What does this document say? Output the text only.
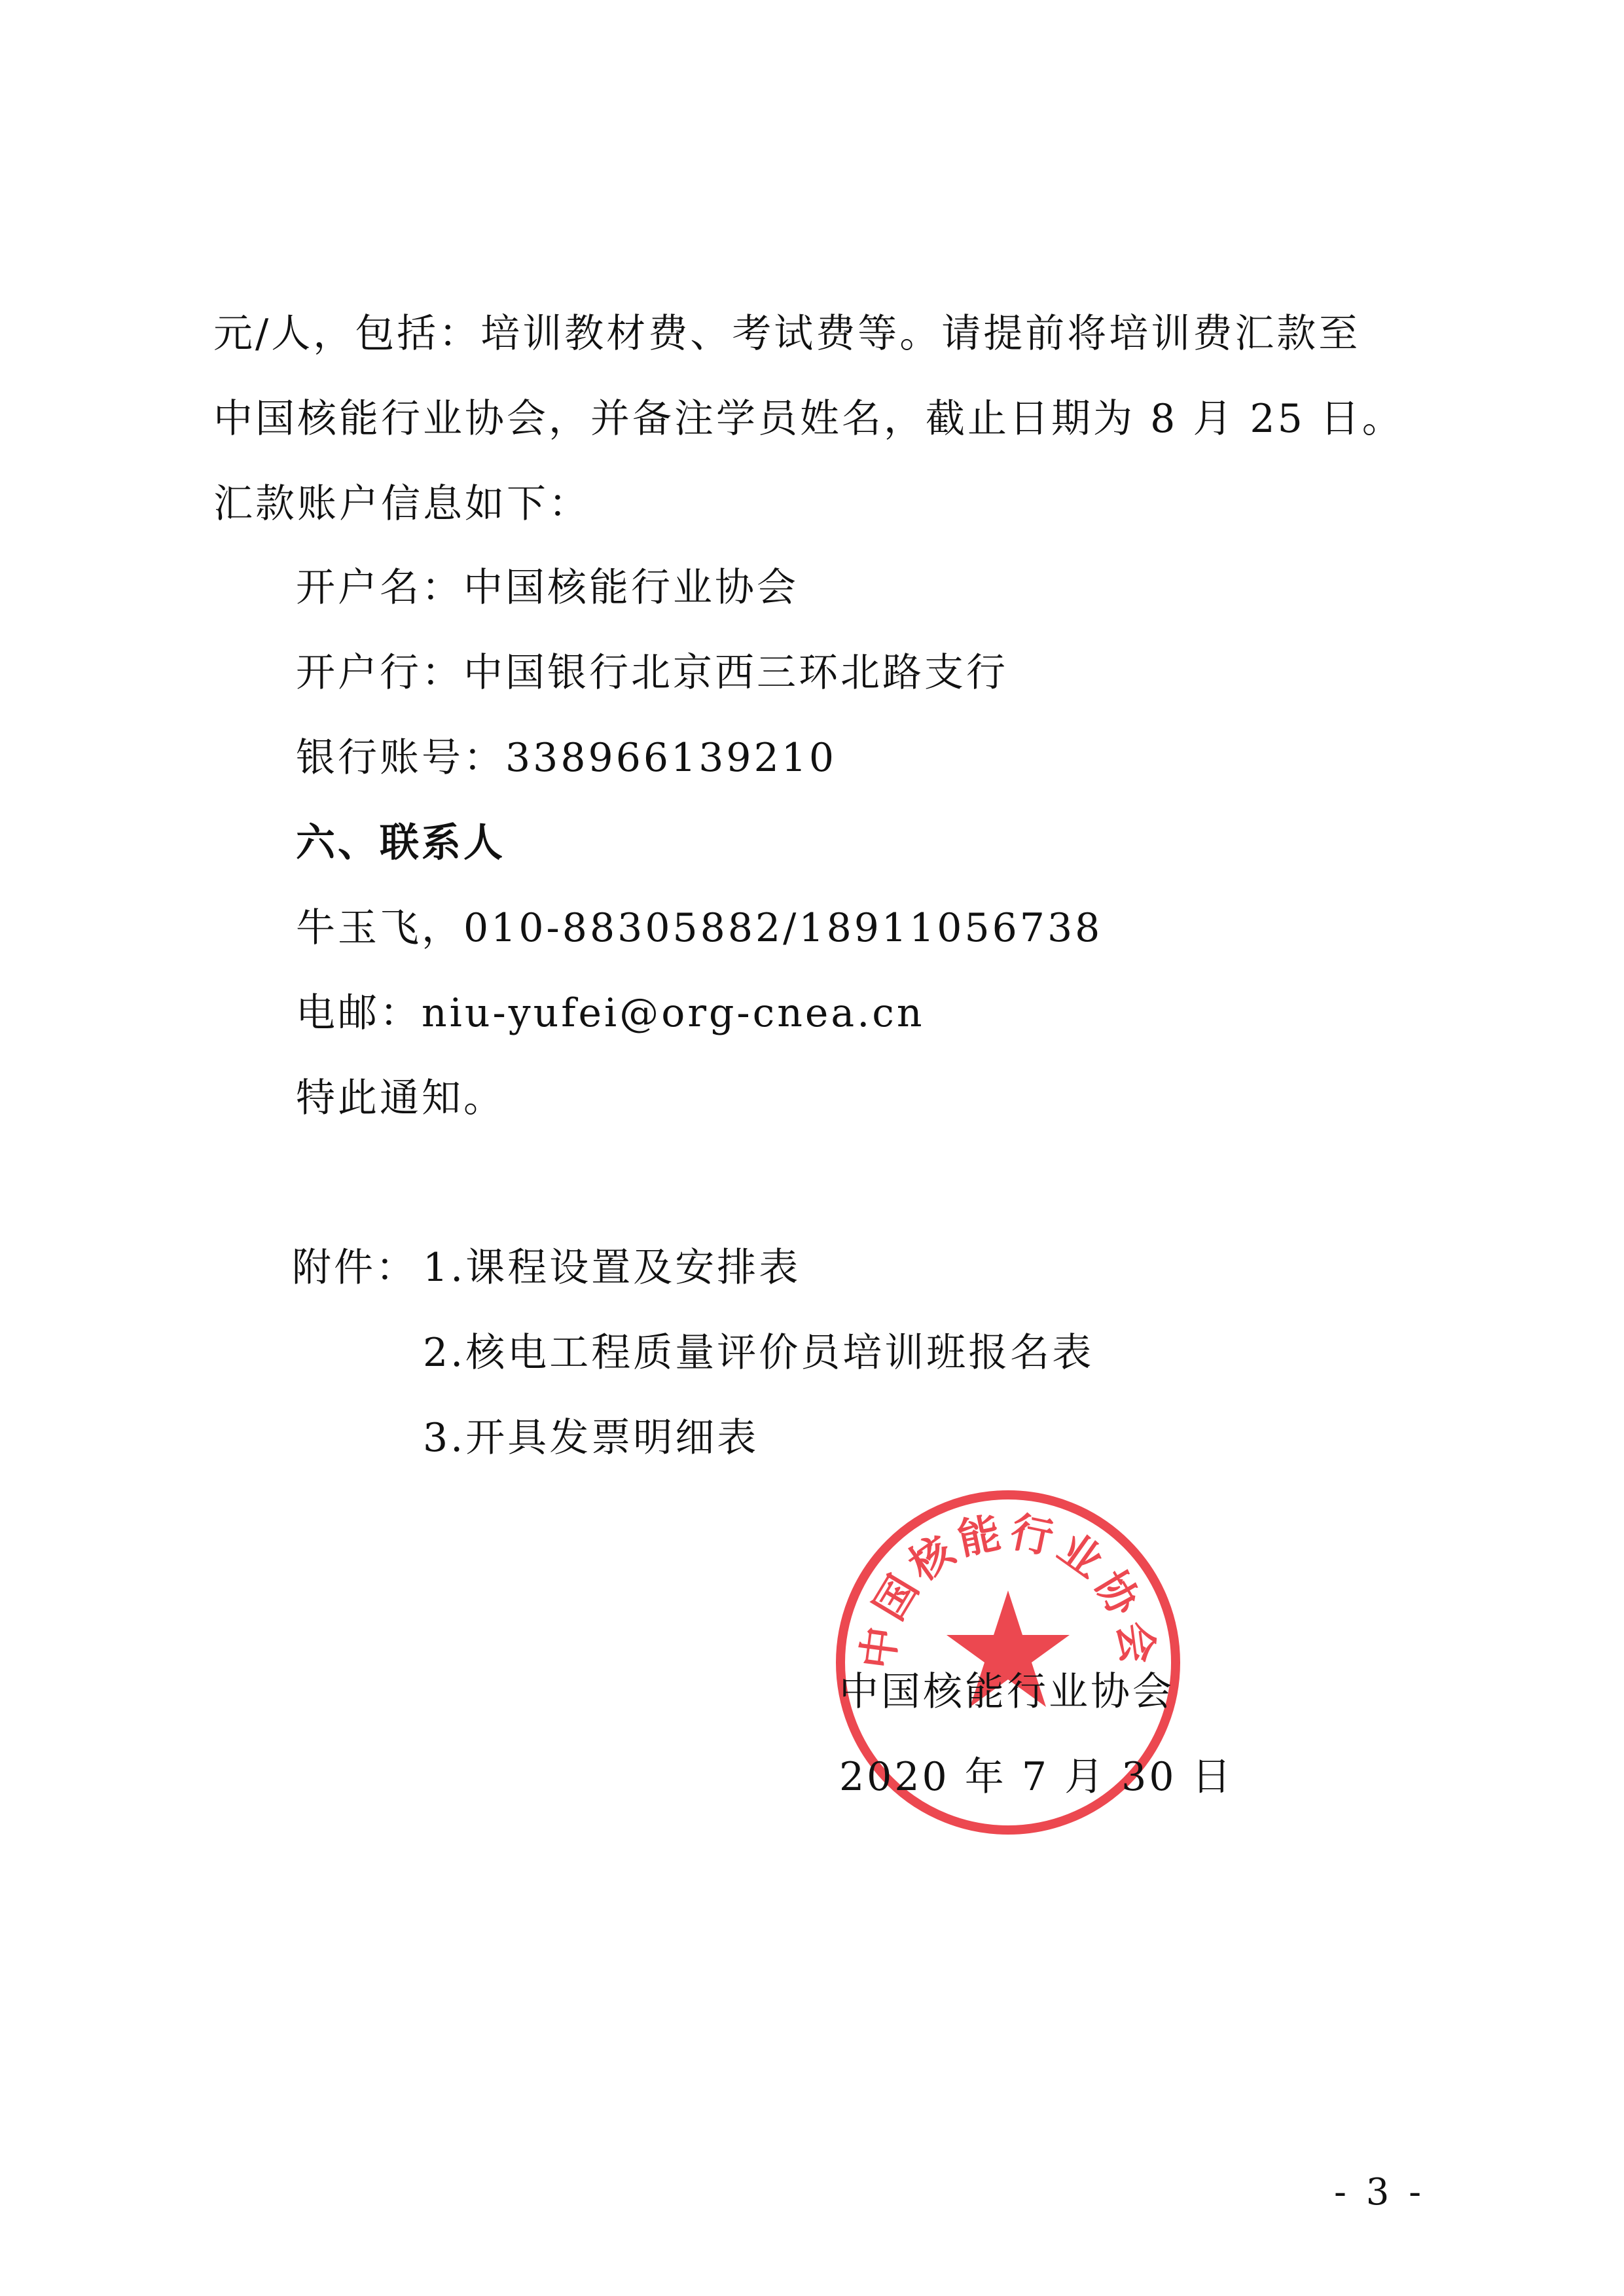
元/人，包括：培训教材费、考试费等。请提前将培训费汇款至
中国核能行业协会，并备注学员姓名，截止日期为 8 月 25 日。
汇款账户信息如下：
开户名：中国核能行业协会
开户行：中国银行北京西三环北路支行
银行账号：338966139210
六、联系人
牛玉飞，010-88305882/18911056738
电邮：niu-yufei@org-cnea.cn
特此通知。
附件： 1.课程设置及安排表
2.核电工程质量评价员培训班报名表
3.开具发票明细表
中国核能行业协会
中国核能行业协会
2020 年 7 月 30 日
- 3 -
